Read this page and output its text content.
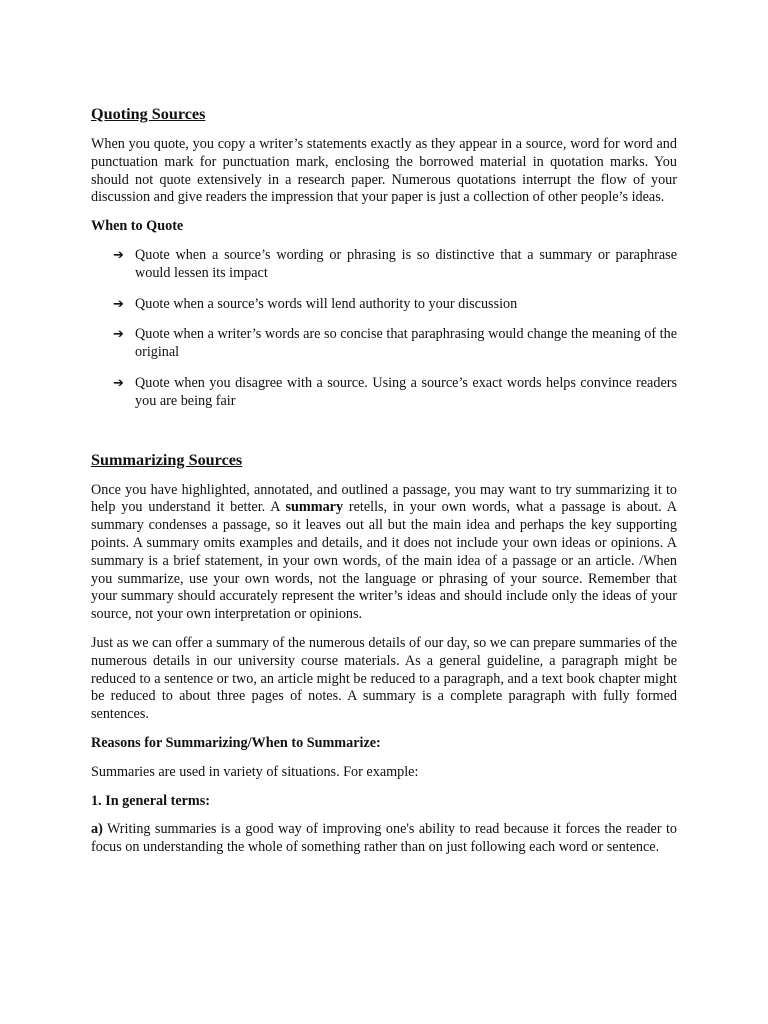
Quoting Sources

When you quote, you copy a writer’s statements exactly as they appear in a source, word for word and punctuation mark for punctuation mark, enclosing the borrowed material in quotation marks. You should not quote extensively in a research paper. Numerous quotations interrupt the flow of your discussion and give readers the impression that your paper is just a collection of other people’s ideas.

When to Quote
➔ Quote when a source’s wording or phrasing is so distinctive that a summary or paraphrase would lessen its impact
➔ Quote when a source’s words will lend authority to your discussion
➔ Quote when a writer’s words are so concise that paraphrasing would change the meaning of the original
➔ Quote when you disagree with a source. Using a source’s exact words helps convince readers you are being fair
Summarizing Sources

Once you have highlighted, annotated, and outlined a passage, you may want to try summarizing it to help you understand it better. A summary retells, in your own words, what a passage is about. A summary condenses a passage, so it leaves out all but the main idea and perhaps the key supporting points. A summary omits examples and details, and it does not include your own ideas or opinions. A summary is a brief statement, in your own words, of the main idea of a passage or an article. /When you summarize, use your own words, not the language or phrasing of your source. Remember that your summary should accurately represent the writer’s ideas and should include only the ideas of your source, not your own interpretation or opinions.

Just as we can offer a summary of the numerous details of our day, so we can prepare summaries of the numerous details in our university course materials. As a general guideline, a paragraph might be reduced to a sentence or two, an article might be reduced to a paragraph, and a text book chapter might be reduced to about three pages of notes. A summary is a complete paragraph with fully formed sentences.

Reasons for Summarizing/When to Summarize:

Summaries are used in variety of situations. For example:

1. In general terms:

a) Writing summaries is a good way of improving one's ability to read because it forces the reader to focus on understanding the whole of something rather than on just following each word or sentence.
